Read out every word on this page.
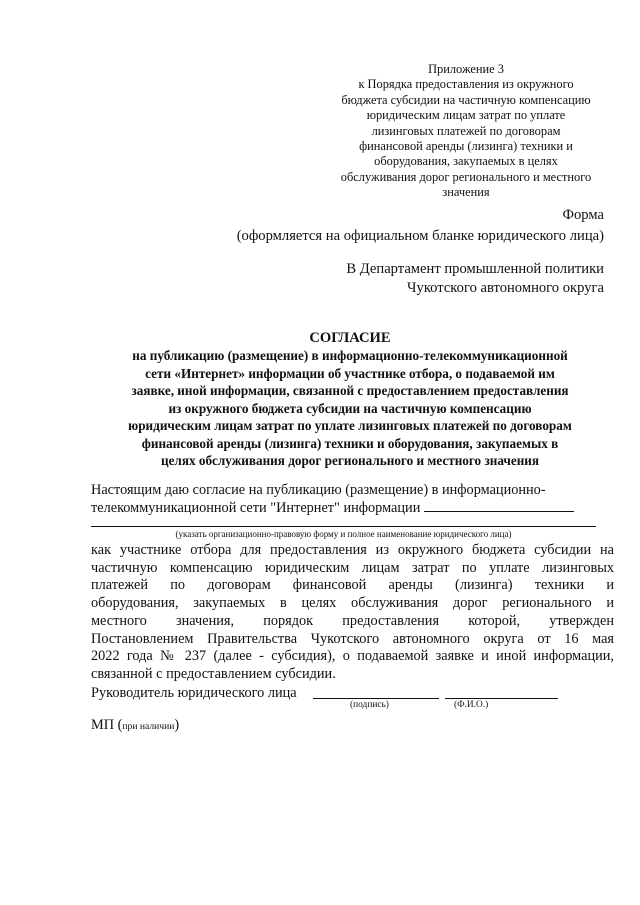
Приложение 3
к Порядка предоставления из окружного
бюджета субсидии на частичную компенсацию
юридическим лицам затрат по уплате
лизинговых платежей по договорам
финансовой аренды (лизинга) техники и
оборудования, закупаемых в целях
обслуживания дорог регионального и местного
значения
Форма
(оформляется на официальном бланке юридического лица)
В Департамент промышленной политики
Чукотского автономного округа
СОГЛАСИЕ
на публикацию (размещение) в информационно-телекоммуникационной
сети «Интернет» информации об участнике отбора, о подаваемой им
заявке, иной информации, связанной с предоставлением предоставления
из окружного бюджета субсидии на частичную компенсацию
юридическим лицам затрат по уплате лизинговых платежей по договорам
финансовой аренды (лизинга) техники и оборудования, закупаемых в
целях обслуживания дорог регионального и местного значения
Настоящим даю согласие на публикацию (размещение) в информационно-
телекоммуникационной сети "Интернет" информации
(указать организационно-правовую форму и полное наименование юридического лица)
как участнике отбора для предоставления из окружного бюджета субсидии на
частичную компенсацию юридическим лицам затрат по уплате лизинговых
платежей по договорам финансовой аренды (лизинга) техники и
оборудования, закупаемых в целях обслуживания дорог регионального и
местного значения, порядок предоставления которой, утвержден
Постановлением Правительства Чукотского автономного округа от 16 мая
2022 года № 237 (далее - субсидия), о подаваемой заявке и иной информации,
связанной с предоставлением субсидии.
Руководитель юридического лица
(подпись)	(Ф.И.О.)
МП (при наличии)
